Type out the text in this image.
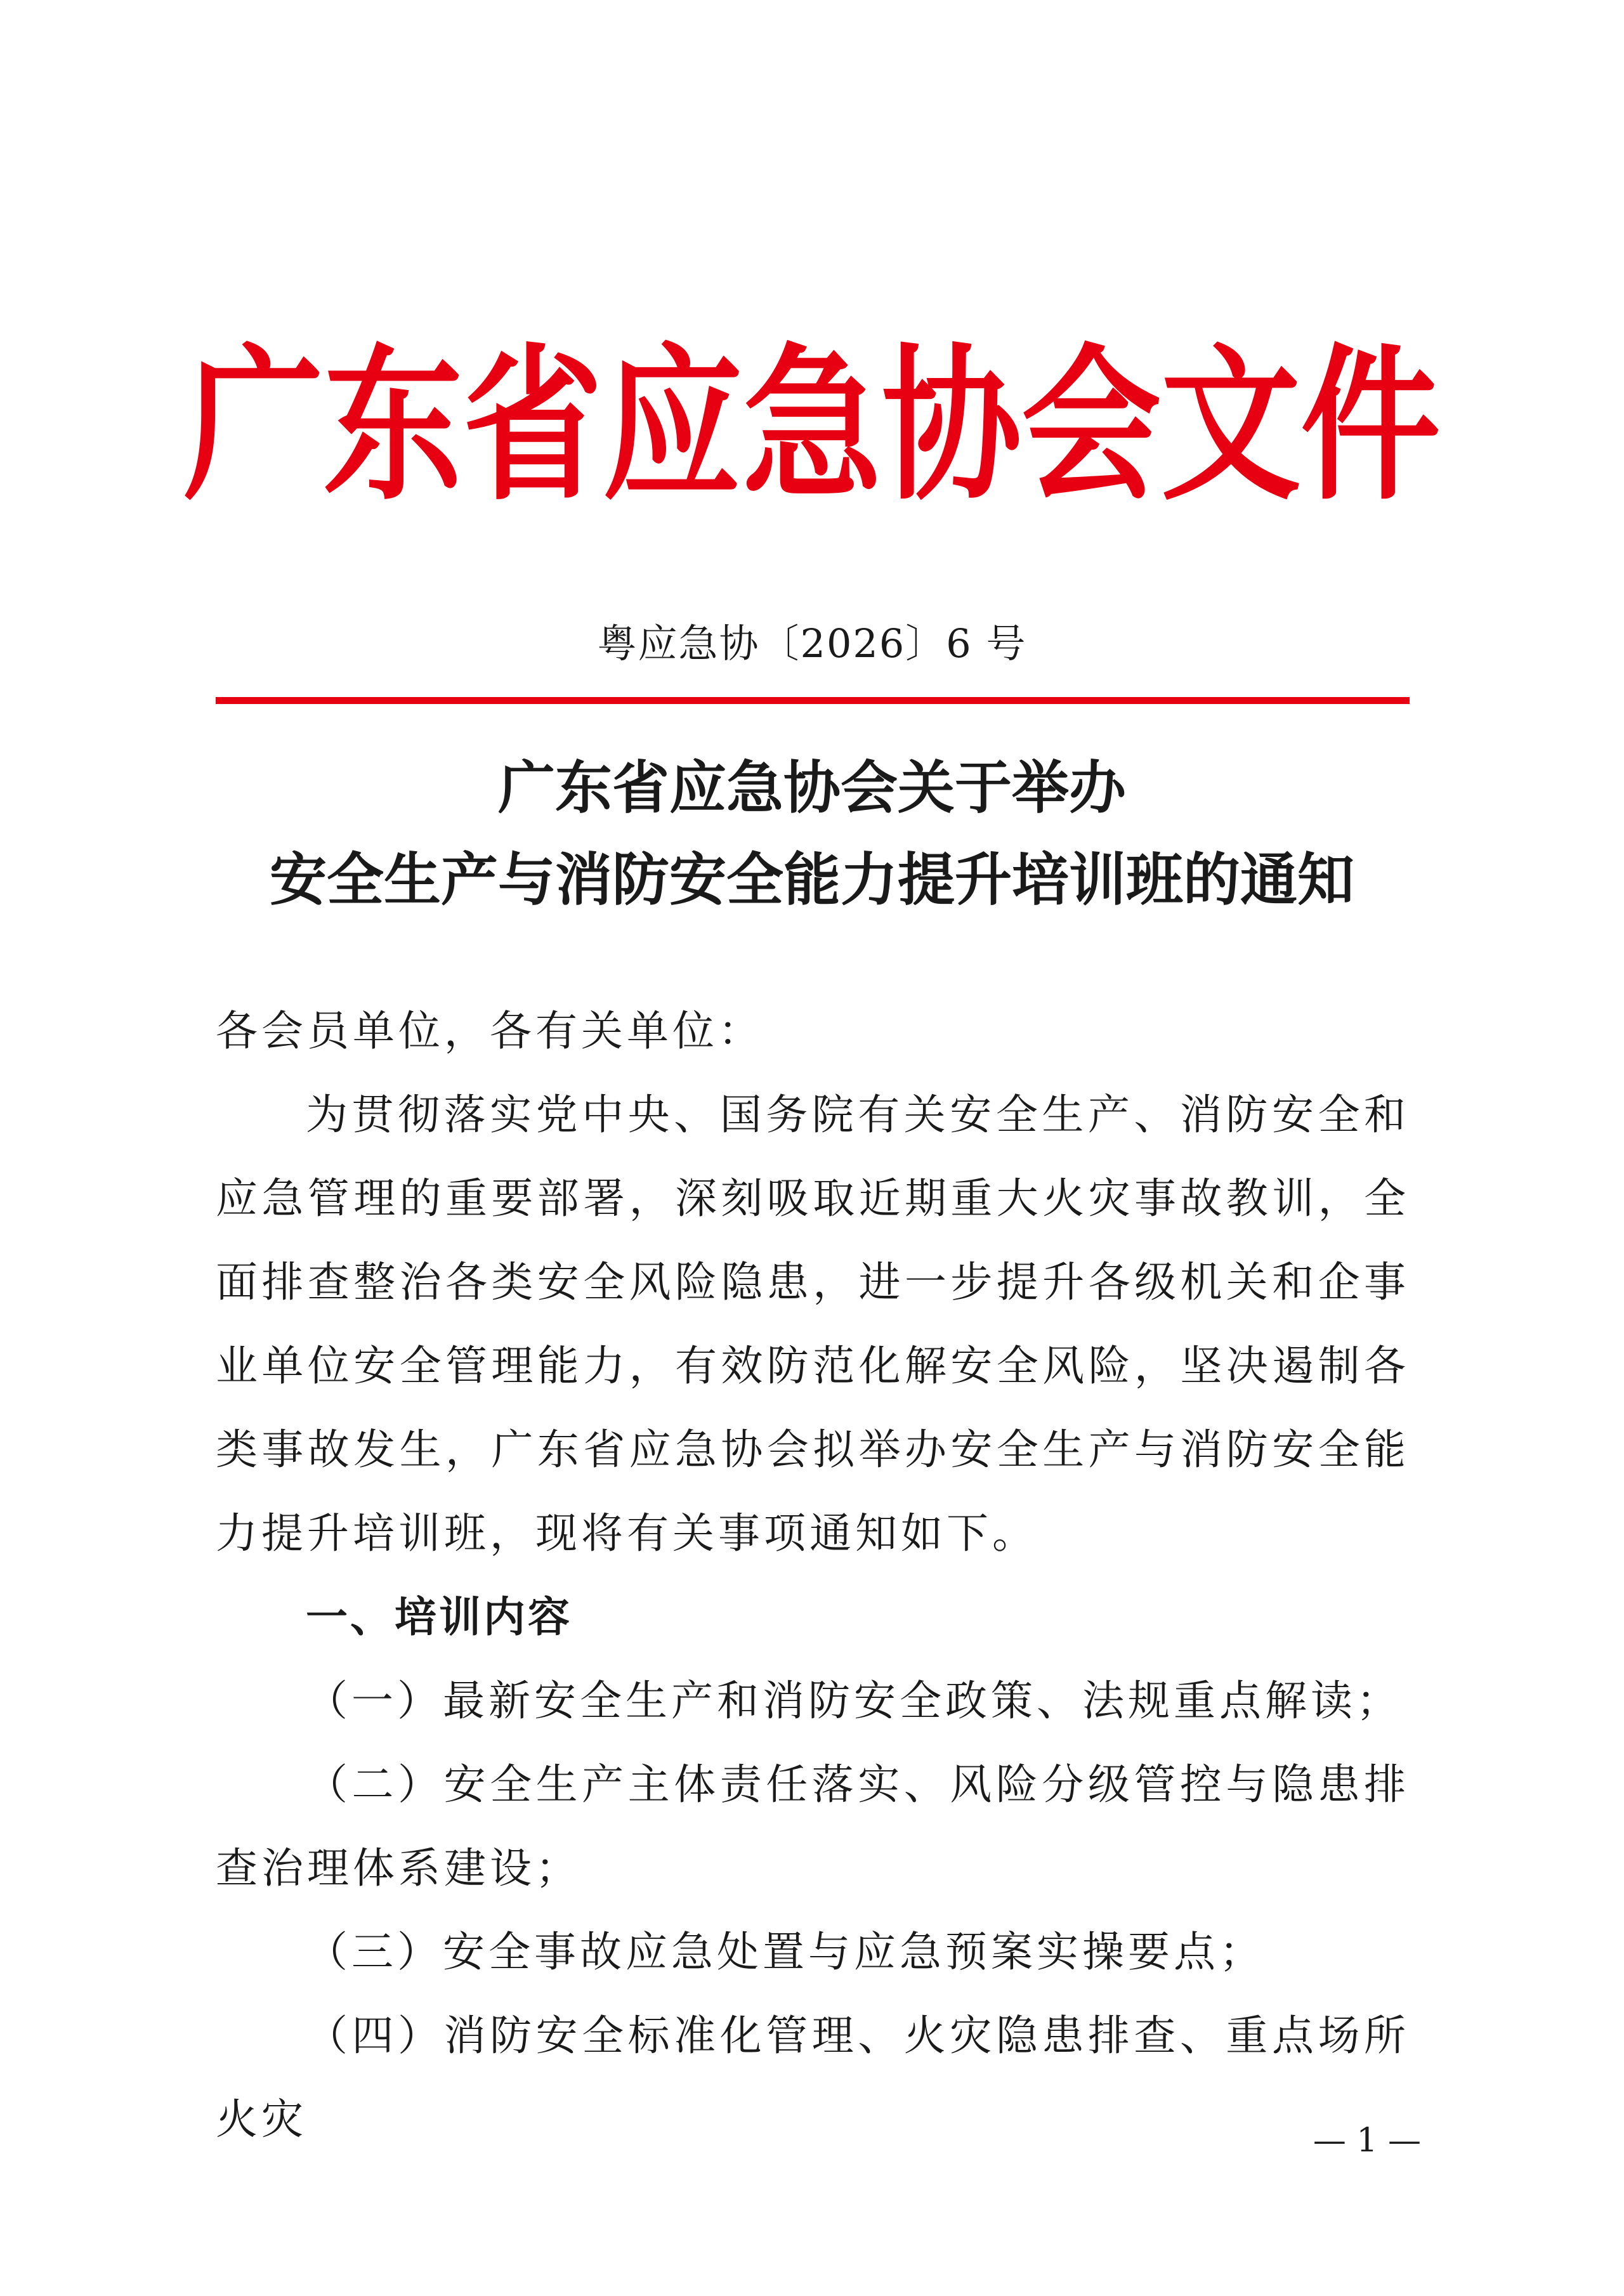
广东省应急协会文件
粤应急协〔2026〕6 号
广东省应急协会关于举办
安全生产与消防安全能力提升培训班的通知
各会员单位，各有关单位：
为贯彻落实党中央、国务院有关安全生产、消防安全和应急管理的重要部署，深刻吸取近期重大火灾事故教训，全面排查整治各类安全风险隐患，进一步提升各级机关和企事业单位安全管理能力，有效防范化解安全风险，坚决遏制各类事故发生，广东省应急协会拟举办安全生产与消防安全能力提升培训班，现将有关事项通知如下。
一、培训内容

（一）最新安全生产和消防安全政策、法规重点解读；

（二）安全生产主体责任落实、风险分级管控与隐患排查治理体系建设；

（三）安全事故应急处置与应急预案实操要点；

（四）消防安全标准化管理、火灾隐患排查、重点场所火灾	— 1 —
